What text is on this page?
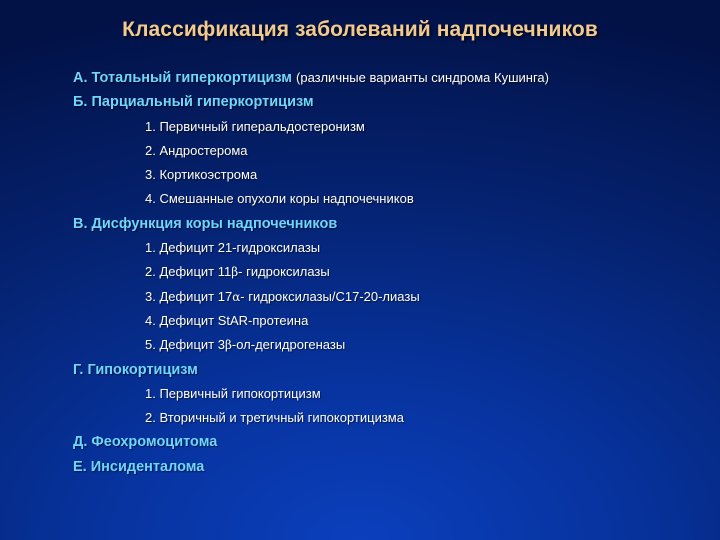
Классификация заболеваний надпочечников
А. Тотальный гиперкортицизм (различные варианты синдрома Кушинга)
Б. Парциальный гиперкортицизм
1. Первичный гиперальдостеронизм
2. Андростерома
3. Кортикоэстрома
4. Смешанные опухоли коры надпочечников
В. Дисфункция коры надпочечников
1. Дефицит 21-гидроксилазы
2. Дефицит 11β- гидроксилазы
3. Дефицит 17α- гидроксилазы/С17-20-лиазы
4. Дефицит StAR-протеина
5. Дефицит 3β-ол-дегидрогеназы
Г. Гипокортицизм
1. Первичный гипокортицизм
2. Вторичный и третичный гипокортицизма
Д. Феохромоцитома
Е. Инсиденталома
